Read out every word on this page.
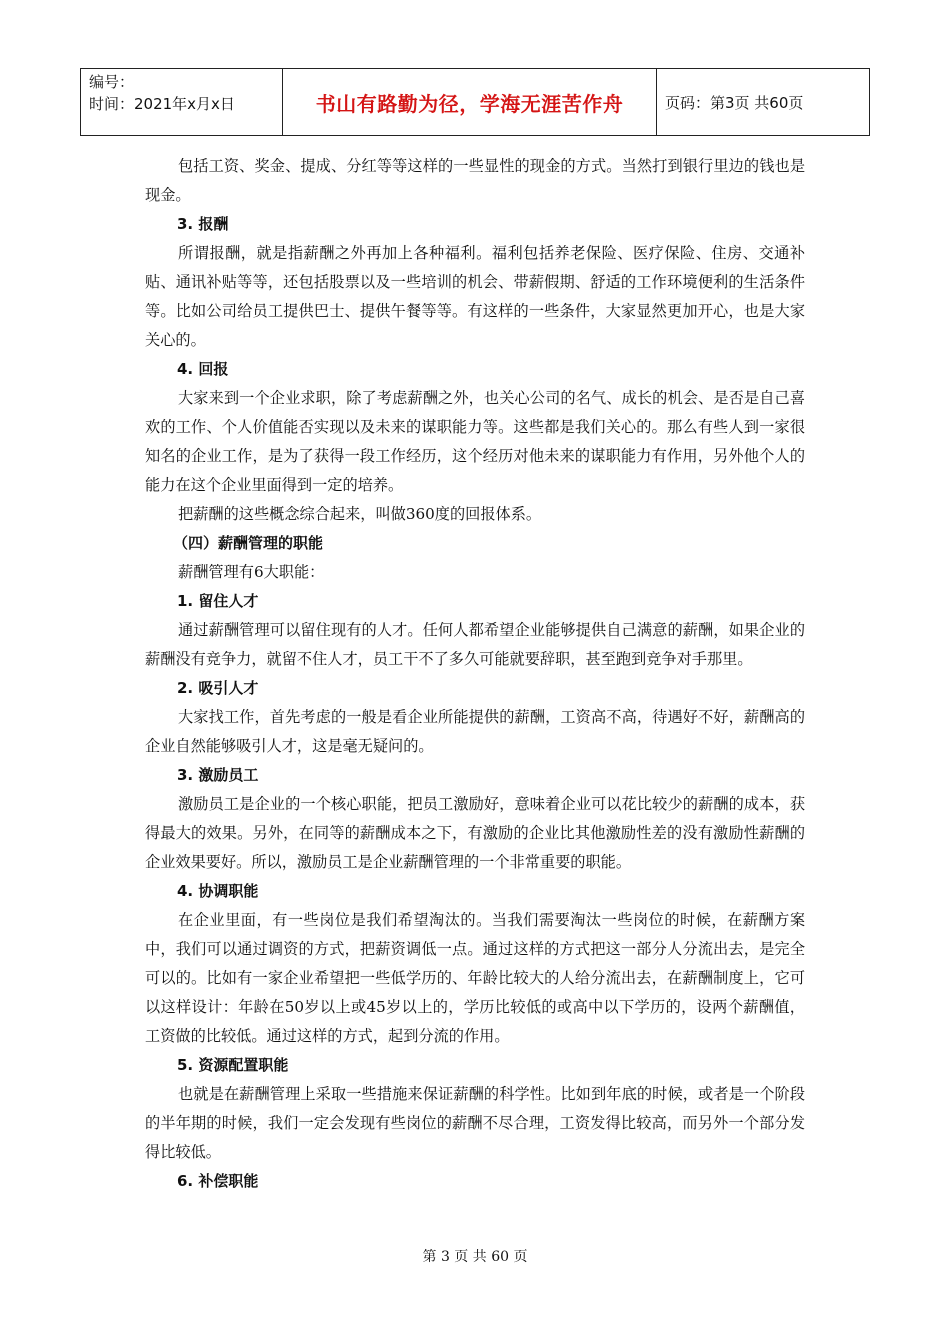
编号：
时间：2021年x月x日	书山有路勤为径，学海无涯苦作舟	页码：第3页 共60页

包括工资、奖金、提成、分红等等这样的一些显性的现金的方式。当然打到银行里边的钱也是现金。

3. 报酬

所谓报酬，就是指薪酬之外再加上各种福利。福利包括养老保险、医疗保险、住房、交通补贴、通讯补贴等等，还包括股票以及一些培训的机会、带薪假期、舒适的工作环境便利的生活条件等。比如公司给员工提供巴士、提供午餐等等。有这样的一些条件，大家显然更加开心，也是大家关心的。

4. 回报

大家来到一个企业求职，除了考虑薪酬之外，也关心公司的名气、成长的机会、是否是自己喜欢的工作、个人价值能否实现以及未来的谋职能力等。这些都是我们关心的。那么有些人到一家很知名的企业工作，是为了获得一段工作经历，这个经历对他未来的谋职能力有作用，另外他个人的能力在这个企业里面得到一定的培养。

把薪酬的这些概念综合起来，叫做360度的回报体系。

（四）薪酬管理的职能

薪酬管理有6大职能：

1. 留住人才

通过薪酬管理可以留住现有的人才。任何人都希望企业能够提供自己满意的薪酬，如果企业的薪酬没有竞争力，就留不住人才，员工干不了多久可能就要辞职，甚至跑到竞争对手那里。

2. 吸引人才

大家找工作，首先考虑的一般是看企业所能提供的薪酬，工资高不高，待遇好不好，薪酬高的企业自然能够吸引人才，这是毫无疑问的。

3. 激励员工

激励员工是企业的一个核心职能，把员工激励好，意味着企业可以花比较少的薪酬的成本，获得最大的效果。另外，在同等的薪酬成本之下，有激励的企业比其他激励性差的没有激励性薪酬的企业效果要好。所以，激励员工是企业薪酬管理的一个非常重要的职能。

4. 协调职能

在企业里面，有一些岗位是我们希望淘汰的。当我们需要淘汰一些岗位的时候，在薪酬方案中，我们可以通过调资的方式，把薪资调低一点。通过这样的方式把这一部分人分流出去，是完全可以的。比如有一家企业希望把一些低学历的、年龄比较大的人给分流出去，在薪酬制度上，它可以这样设计：年龄在50岁以上或45岁以上的，学历比较低的或高中以下学历的，设两个薪酬值，工资做的比较低。通过这样的方式，起到分流的作用。

5. 资源配置职能

也就是在薪酬管理上采取一些措施来保证薪酬的科学性。比如到年底的时候，或者是一个阶段的半年期的时候，我们一定会发现有些岗位的薪酬不尽合理，工资发得比较高，而另外一个部分发得比较低。

6. 补偿职能

第 3 页 共 60 页
